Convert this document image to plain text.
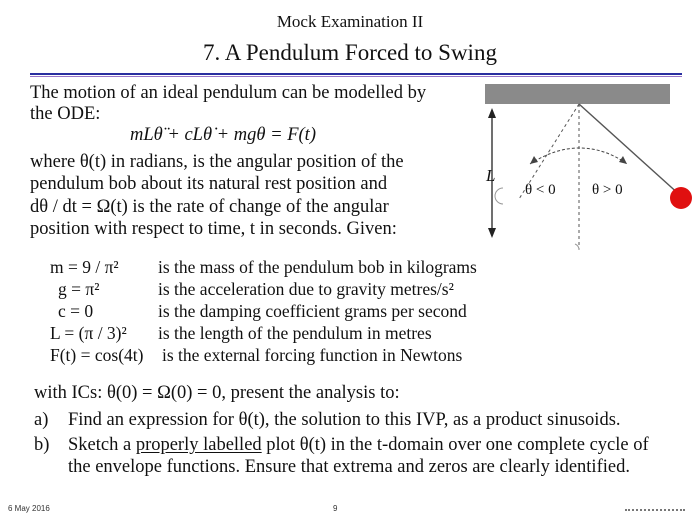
Mock Examination II
7. A Pendulum Forced to Swing
The motion of an ideal pendulum can be modelled by
the ODE:
mLθ̈ + cLθ̇ + mgθ = F(t)
where θ(t) in radians, is the angular position of the
pendulum bob about its natural rest position and
dθ / dt = Ω(t) is the rate of change of the angular
position with respect to time, t in seconds. Given:
m = 9 / π² is the mass of the pendulum bob in kilograms
g = π²	is the acceleration due to gravity metres/s²
c = 0	is the damping coefficient grams per second
L = (π / 3)² is the length of the pendulum in metres
F(t) = cos(4t) is the external forcing function in Newtons
with ICs: θ(0) = Ω(0) = 0, present the analysis to:
a) Find an expression for θ(t), the solution to this IVP, as a product sinusoids.
b) Sketch a properly labelled plot θ(t) in the t-domain over one complete cycle of
the envelope functions. Ensure that extrema and zeros are clearly identified.
L
θ < 0 θ > 0
6 May 2016	9
